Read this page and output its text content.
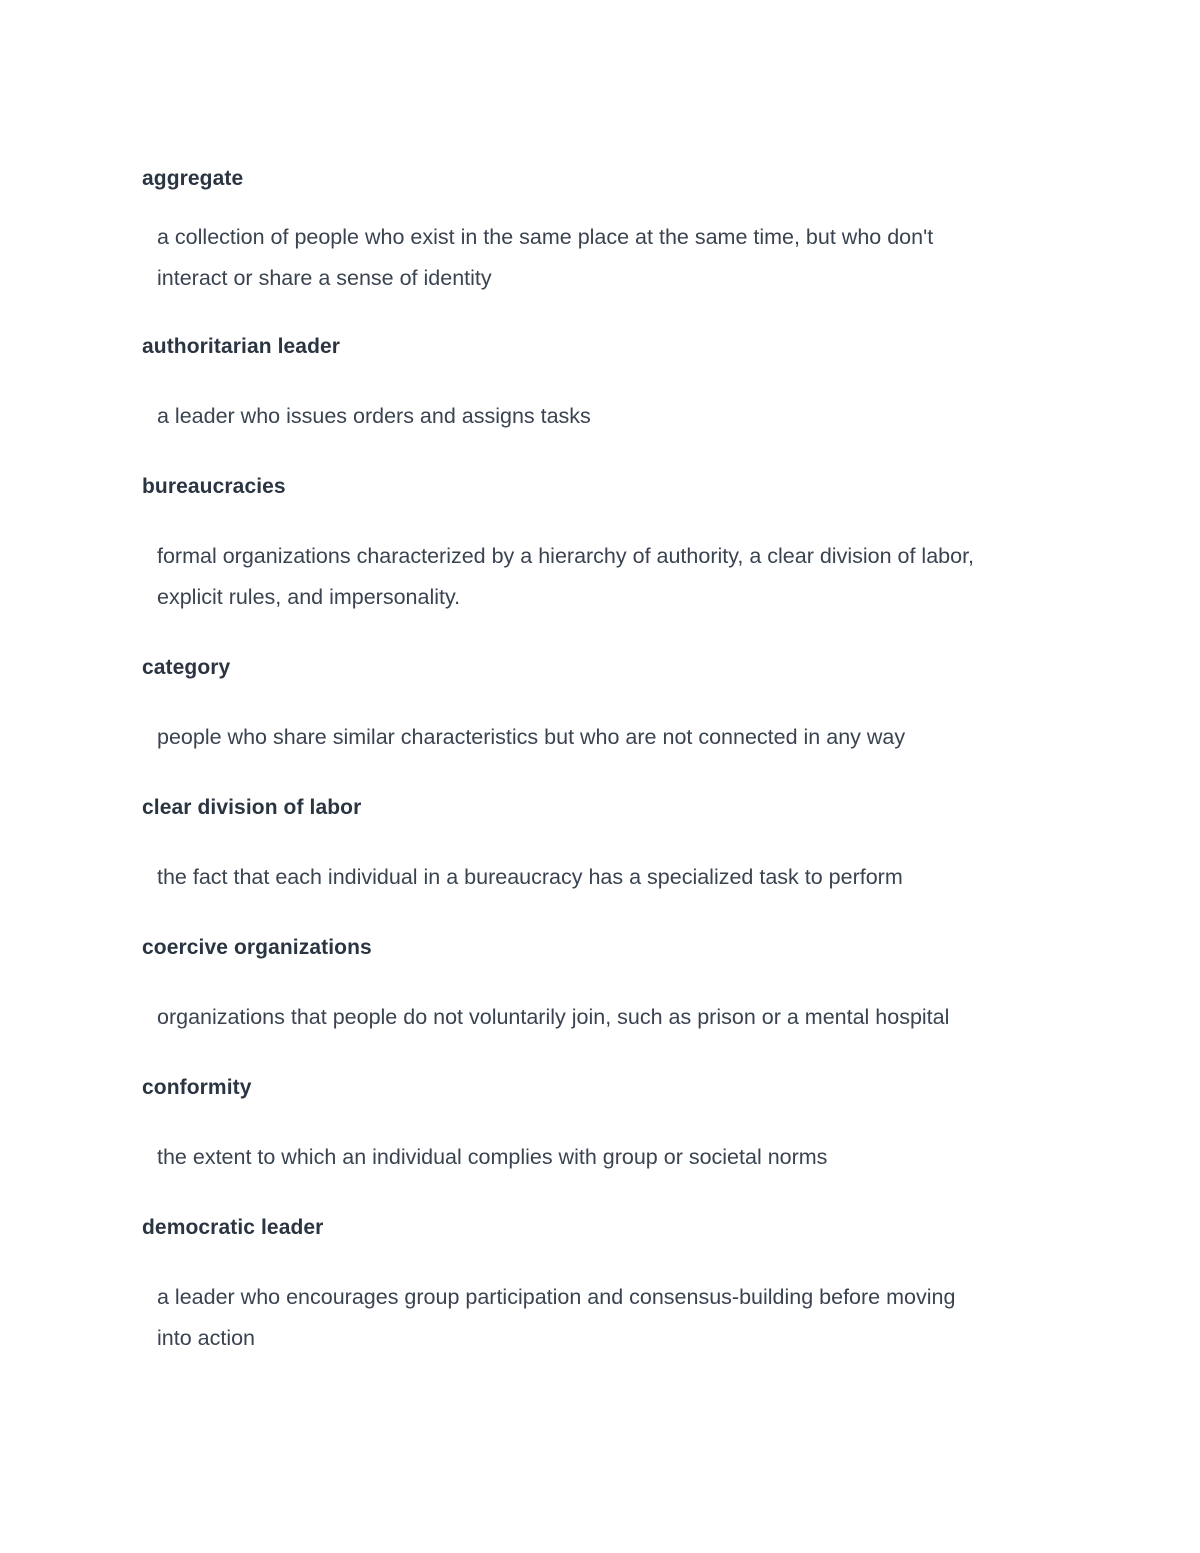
aggregate
a collection of people who exist in the same place at the same time, but who don't
interact or share a sense of identity
authoritarian leader
a leader who issues orders and assigns tasks
bureaucracies
formal organizations characterized by a hierarchy of authority, a clear division of labor,
explicit rules, and impersonality.
category
people who share similar characteristics but who are not connected in any way
clear division of labor
the fact that each individual in a bureaucracy has a specialized task to perform
coercive organizations
organizations that people do not voluntarily join, such as prison or a mental hospital
conformity
the extent to which an individual complies with group or societal norms
democratic leader
a leader who encourages group participation and consensus-building before moving
into action
